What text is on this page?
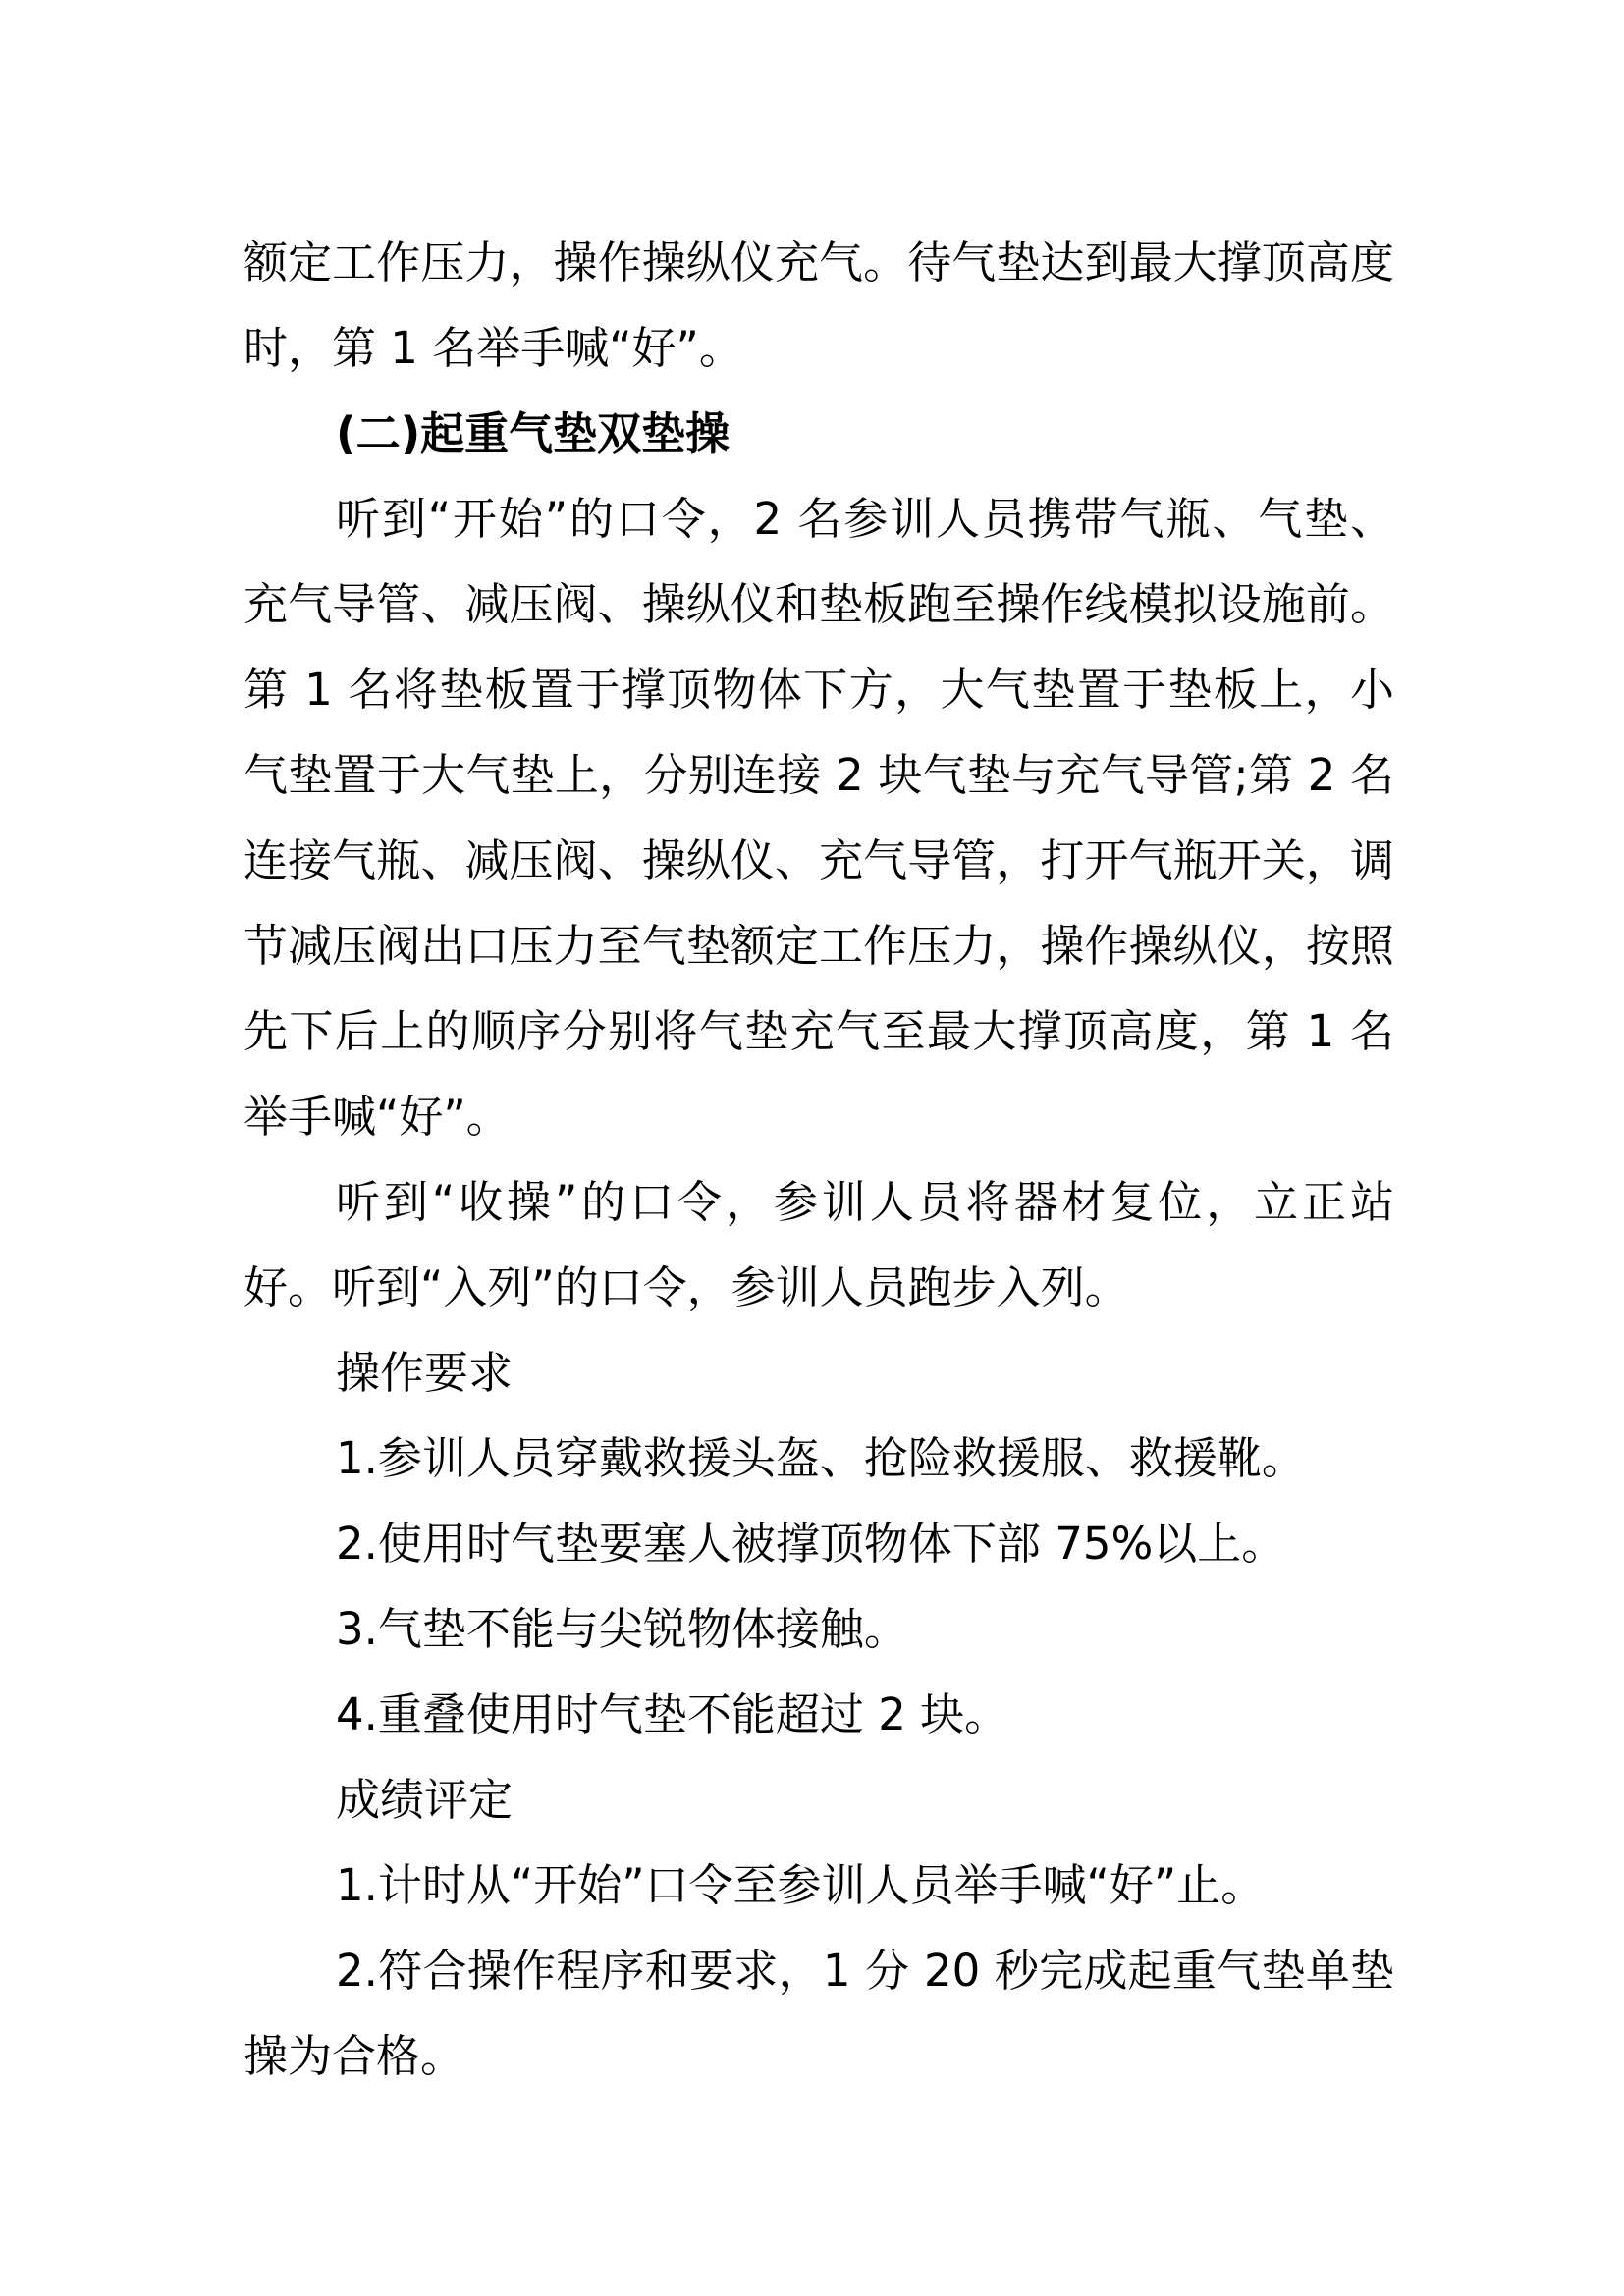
额定工作压力，操作操纵仪充气。待气垫达到最大撑顶高度时，第 1 名举手喊“好”。

(二)起重气垫双垫操

听到“开始”的口令，2 名参训人员携带气瓶、气垫、充气导管、减压阀、操纵仪和垫板跑至操作线模拟设施前。第 1 名将垫板置于撑顶物体下方，大气垫置于垫板上，小气垫置于大气垫上，分别连接 2 块气垫与充气导管;第 2 名连接气瓶、减压阀、操纵仪、充气导管，打开气瓶开关，调节减压阀出口压力至气垫额定工作压力，操作操纵仪，按照先下后上的顺序分别将气垫充气至最大撑顶高度，第 1 名举手喊“好”。

听到“收操”的口令，参训人员将器材复位，立正站好。听到“入列”的口令，参训人员跑步入列。

操作要求

1.参训人员穿戴救援头盔、抢险救援服、救援靴。

2.使用时气垫要塞人被撑顶物体下部 75%以上。

3.气垫不能与尖锐物体接触。

4.重叠使用时气垫不能超过 2 块。

成绩评定

1.计时从“开始”口令至参训人员举手喊“好”止。

2.符合操作程序和要求，1 分 20 秒完成起重气垫单垫操为合格。
